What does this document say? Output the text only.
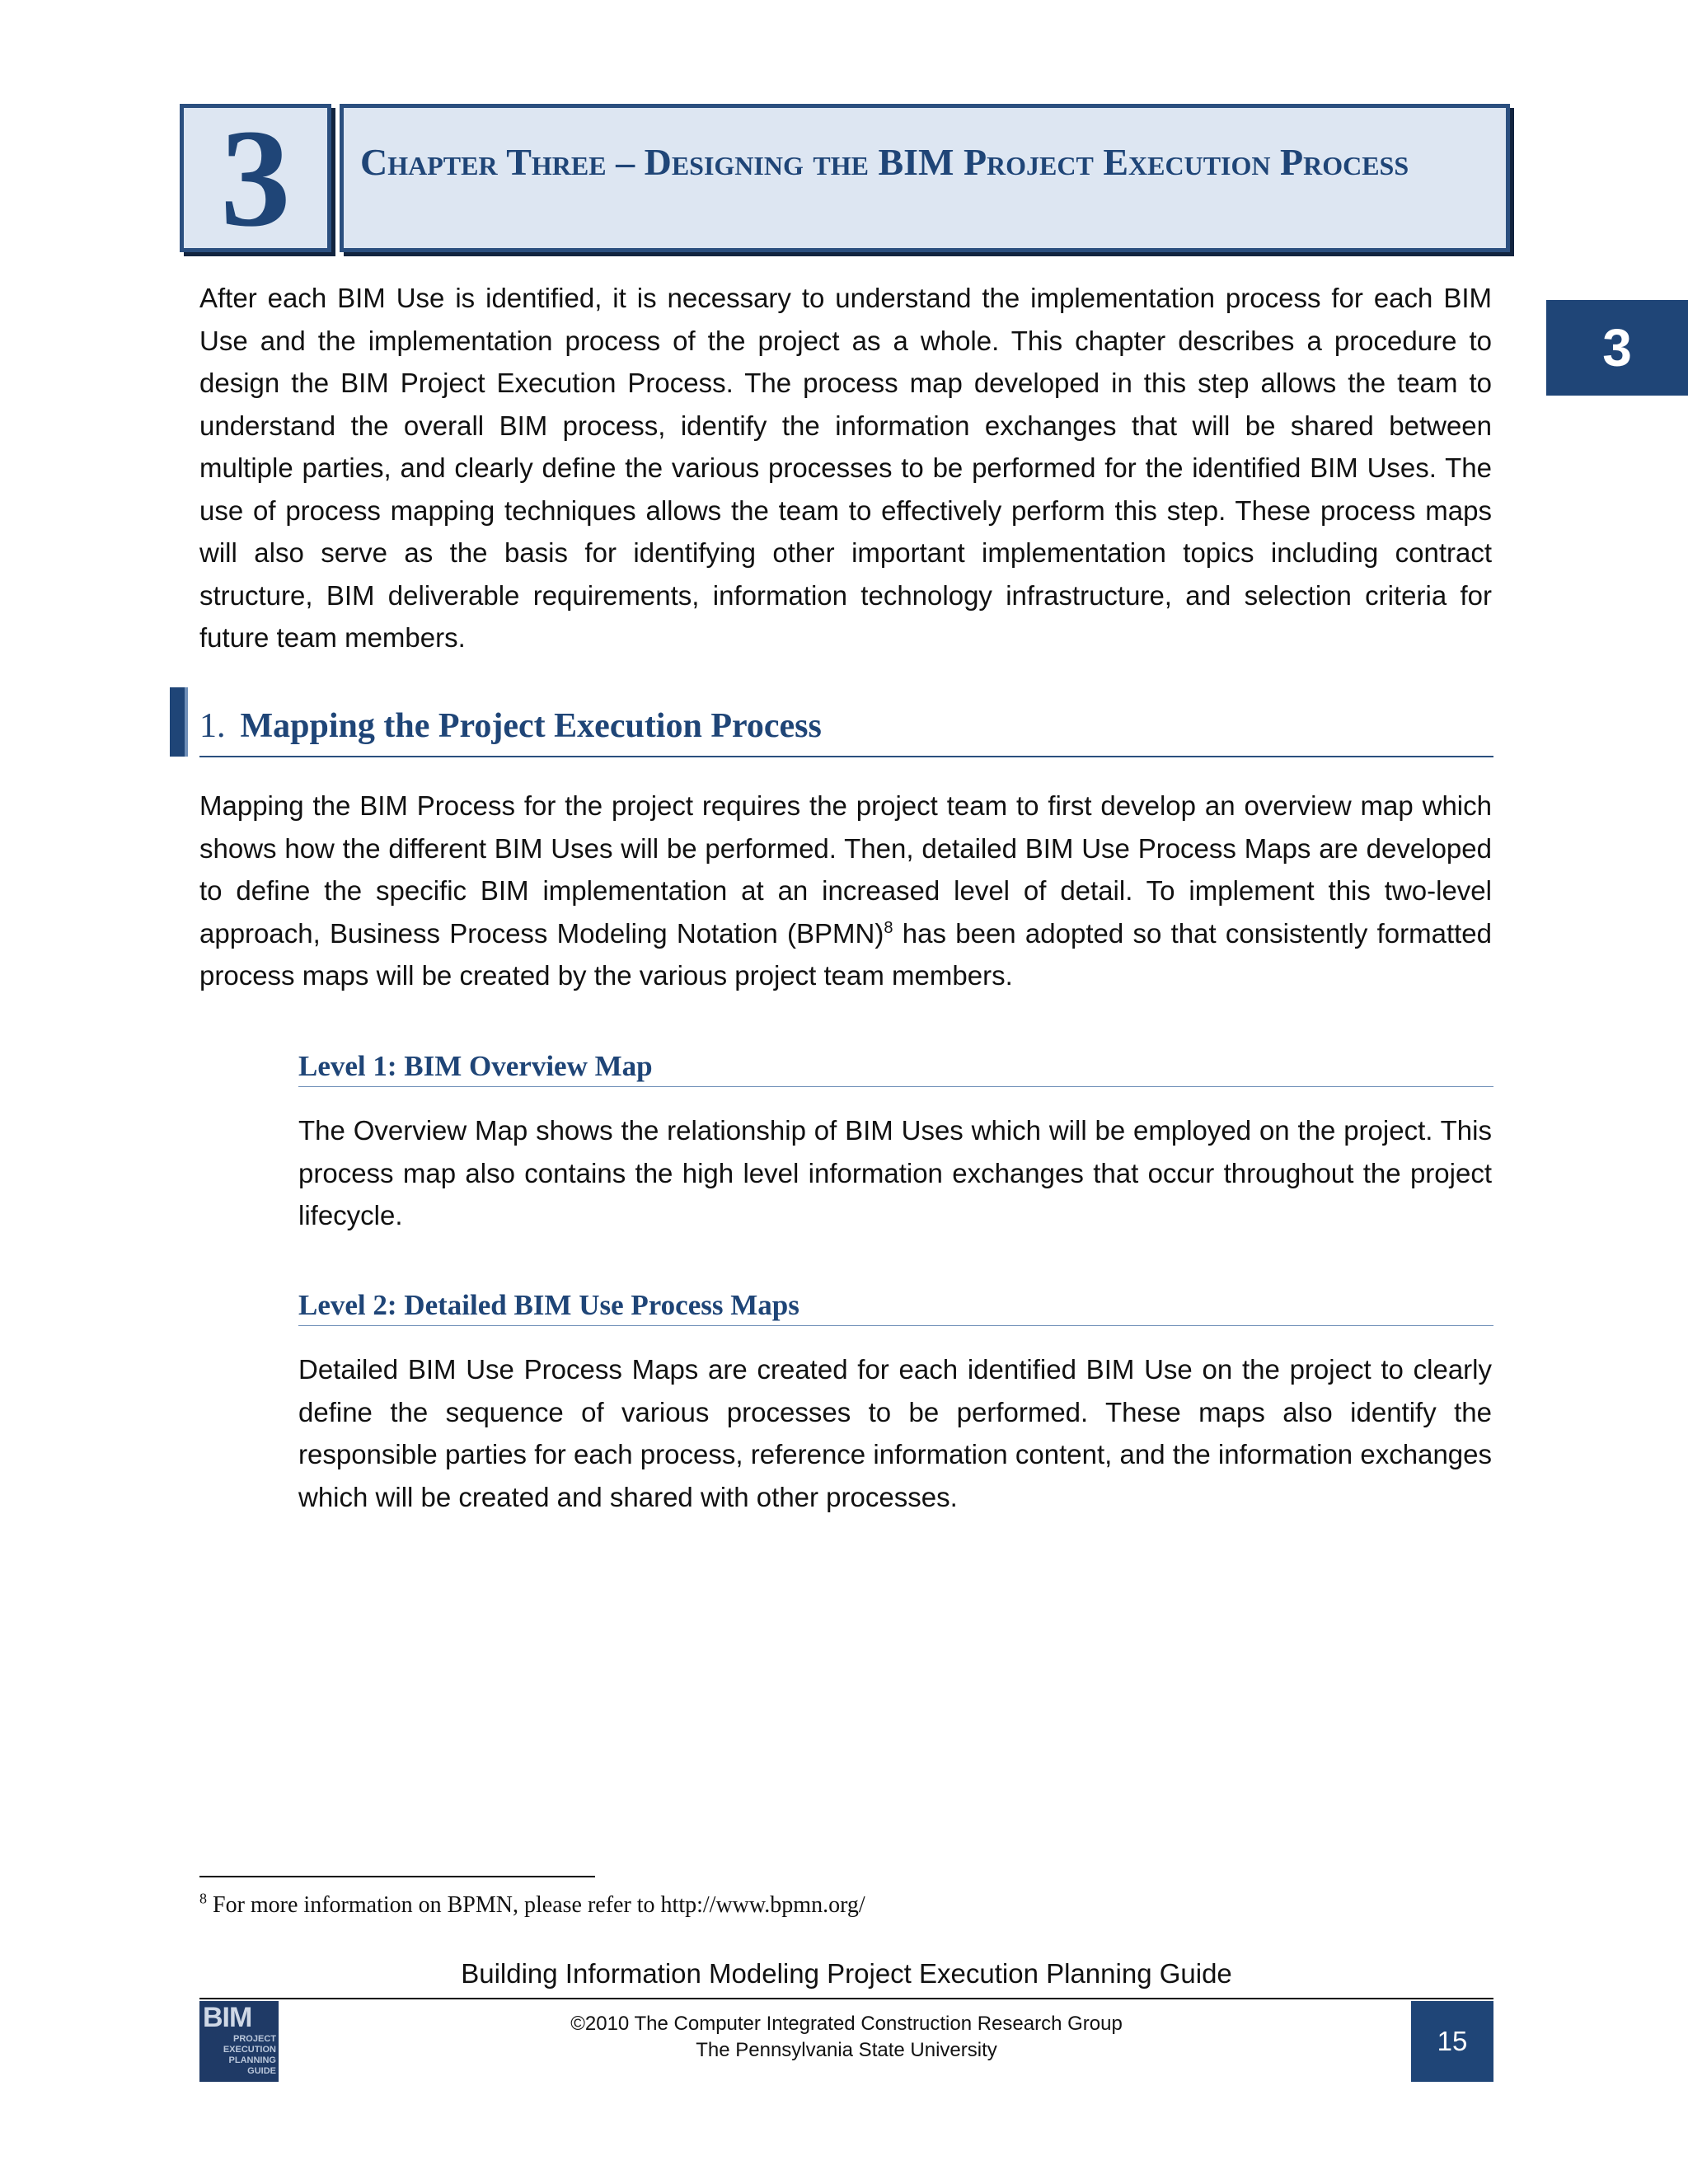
3 Chapter Three – Designing the BIM Project Execution Process
3

After each BIM Use is identified, it is necessary to understand the implementation process for each BIM Use and the implementation process of the project as a whole. This chapter describes a procedure to design the BIM Project Execution Process. The process map developed in this step allows the team to understand the overall BIM process, identify the information exchanges that will be shared between multiple parties, and clearly define the various processes to be performed for the identified BIM Uses. The use of process mapping techniques allows the team to effectively perform this step. These process maps will also serve as the basis for identifying other important implementation topics including contract structure, BIM deliverable requirements, information technology infrastructure, and selection criteria for future team members.

1. Mapping the Project Execution Process

Mapping the BIM Process for the project requires the project team to first develop an overview map which shows how the different BIM Uses will be performed. Then, detailed BIM Use Process Maps are developed to define the specific BIM implementation at an increased level of detail. To implement this two-level approach, Business Process Modeling Notation (BPMN)$^8$ has been adopted so that consistently formatted process maps will be created by the various project team members.

Level 1: BIM Overview Map

The Overview Map shows the relationship of BIM Uses which will be employed on the project. This process map also contains the high level information exchanges that occur throughout the project lifecycle.

Level 2: Detailed BIM Use Process Maps

Detailed BIM Use Process Maps are created for each identified BIM Use on the project to clearly define the sequence of various processes to be performed. These maps also identify the responsible parties for each process, reference information content, and the information exchanges which will be created and shared with other processes.

$^8$ For more information on BPMN, please refer to http://www.bpmn.org/

Building Information Modeling Project Execution Planning Guide
BIM
PROJECT
EXECUTION
PLANNING
GUIDE
©2010 The Computer Integrated Construction Research Group
The Pennsylvania State University	15
